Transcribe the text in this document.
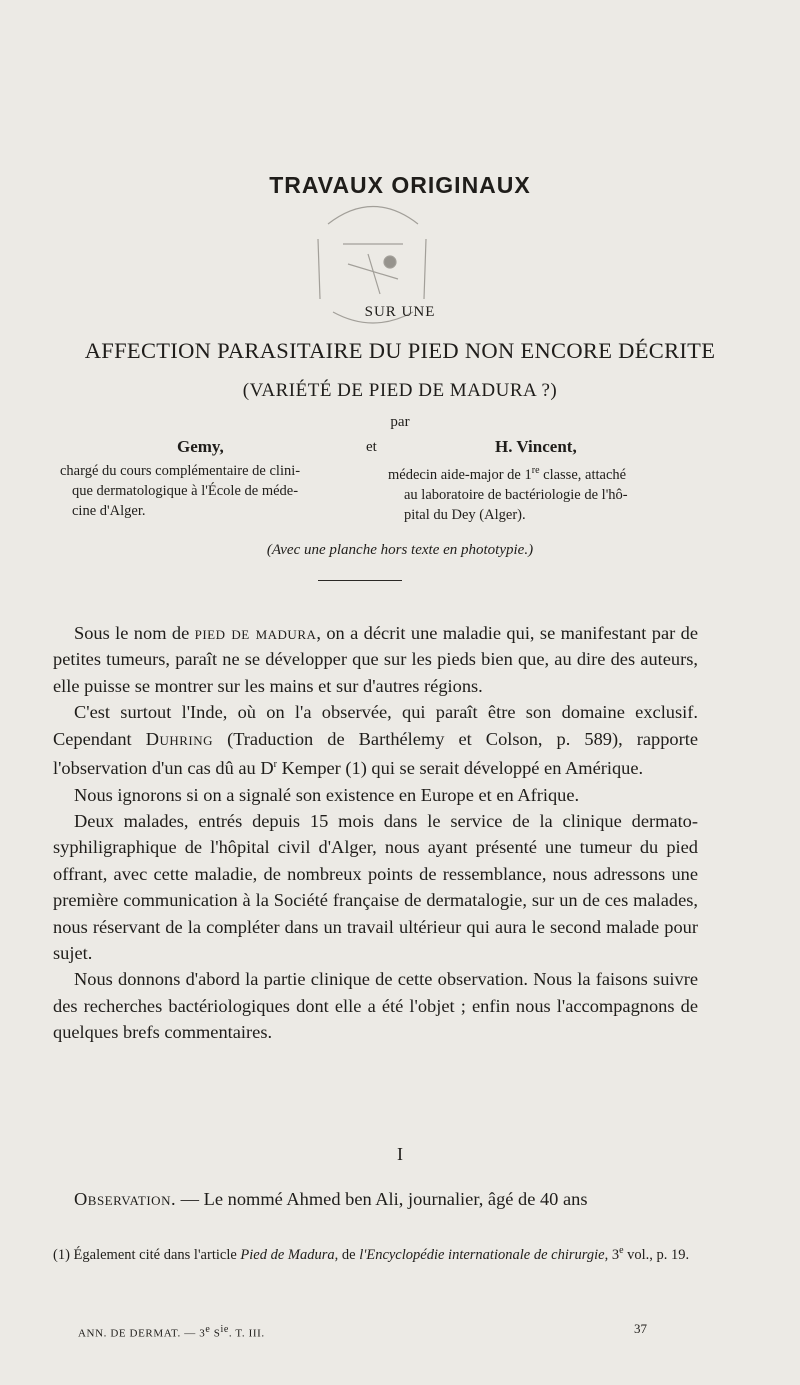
TRAVAUX ORIGINAUX
SUR UNE
AFFECTION PARASITAIRE DU PIED NON ENCORE DÉCRITE
(VARIÉTÉ DE PIED DE MADURA ?)
par
Gemy,	et	H. Vincent,
chargé du cours complémentaire de clini-
que dermatologique à l'École de méde-
cine d'Alger.
médecin aide-major de 1re classe, attaché
au laboratoire de bactériologie de l'hô-
pital du Dey (Alger).
(Avec une planche hors texte en phototypie.)

Sous le nom de pied de madura, on a décrit une maladie qui, se manifestant par de petites tumeurs, paraît ne se développer que sur les pieds bien que, au dire des auteurs, elle puisse se montrer sur les mains et sur d'autres régions.

C'est surtout l'Inde, où on l'a observée, qui paraît être son domaine exclusif. Cependant Duhring (Traduction de Barthélemy et Colson, p. 589), rapporte l'observation d'un cas dû au $D^r$ Kemper (1) qui se serait développé en Amérique.

Nous ignorons si on a signalé son existence en Europe et en Afrique.

Deux malades, entrés depuis 15 mois dans le service de la clinique dermato-syphiligraphique de l'hôpital civil d'Alger, nous ayant présenté une tumeur du pied offrant, avec cette maladie, de nombreux points de ressemblance, nous adressons une première communication à la Société française de dermatalogie, sur un de ces malades, nous réservant de la compléter dans un travail ultérieur qui aura le second malade pour sujet.

Nous donnons d'abord la partie clinique de cette observation. Nous la faisons suivre des recherches bactériologiques dont elle a été l'objet ; enfin nous l'accompagnons de quelques brefs commentaires.

I
Observation. — Le nommé Ahmed ben Ali, journalier, âgé de 40 ans
(1) Également cité dans l'article Pied de Madura, de l'Encyclopédie internationale de chirurgie, 3e vol., p. 19.
ANN. DE DERMAT. — 3e $S^{ie}$. T. III.	37
